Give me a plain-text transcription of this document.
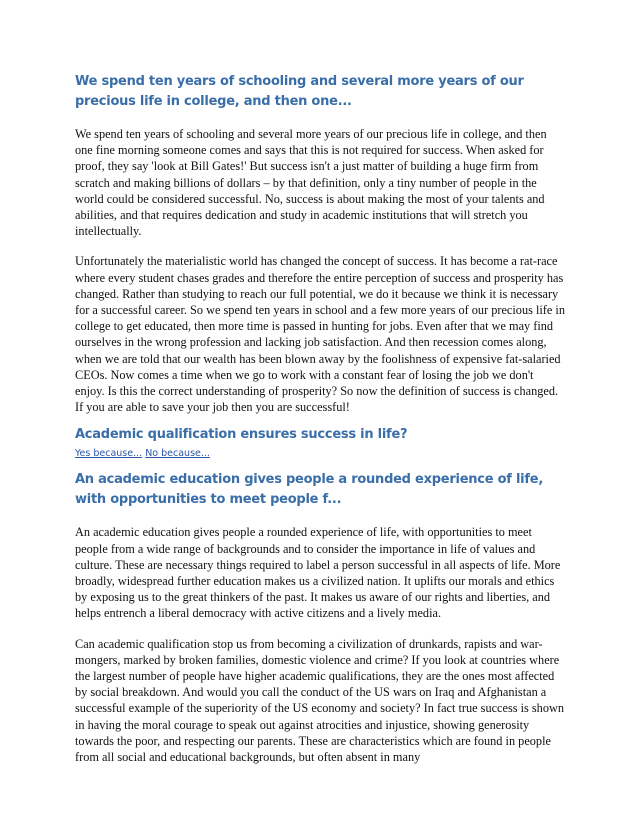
We spend ten years of schooling and several more years of our precious life in college, and then one...

We spend ten years of schooling and several more years of our precious life in college, and then one fine morning someone comes and says that this is not required for success. When asked for proof, they say 'look at Bill Gates!' But success isn't a just matter of building a huge firm from scratch and making billions of dollars – by that definition, only a tiny number of people in the world could be considered successful. No, success is about making the most of your talents and abilities, and that requires dedication and study in academic institutions that will stretch you intellectually.

Unfortunately the materialistic world has changed the concept of success. It has become a rat-race where every student chases grades and therefore the entire perception of success and prosperity has changed. Rather than studying to reach our full potential, we do it because we think it is necessary for a successful career. So we spend ten years in school and a few more years of our precious life in college to get educated, then more time is passed in hunting for jobs. Even after that we may find ourselves in the wrong profession and lacking job satisfaction. And then recession comes along, when we are told that our wealth has been blown away by the foolishness of expensive fat-salaried CEOs. Now comes a time when we go to work with a constant fear of losing the job we don't enjoy. Is this the correct understanding of prosperity? So now the definition of success is changed. If you are able to save your job then you are successful!

Academic qualification ensures success in life?
Yes because... No because...
An academic education gives people a rounded experience of life, with opportunities to meet people f...

An academic education gives people a rounded experience of life, with opportunities to meet people from a wide range of backgrounds and to consider the importance in life of values and culture. These are necessary things required to label a person successful in all aspects of life. More broadly, widespread further education makes us a civilized nation. It uplifts our morals and ethics by exposing us to the great thinkers of the past. It makes us aware of our rights and liberties, and helps entrench a liberal democracy with active citizens and a lively media.

Can academic qualification stop us from becoming a civilization of drunkards, rapists and war-mongers, marked by broken families, domestic violence and crime? If you look at countries where the largest number of people have higher academic qualifications, they are the ones most affected by social breakdown. And would you call the conduct of the US wars on Iraq and Afghanistan a successful example of the superiority of the US economy and society? In fact true success is shown in having the moral courage to speak out against atrocities and injustice, showing generosity towards the poor, and respecting our parents. These are characteristics which are found in people from all social and educational backgrounds, but often absent in many
